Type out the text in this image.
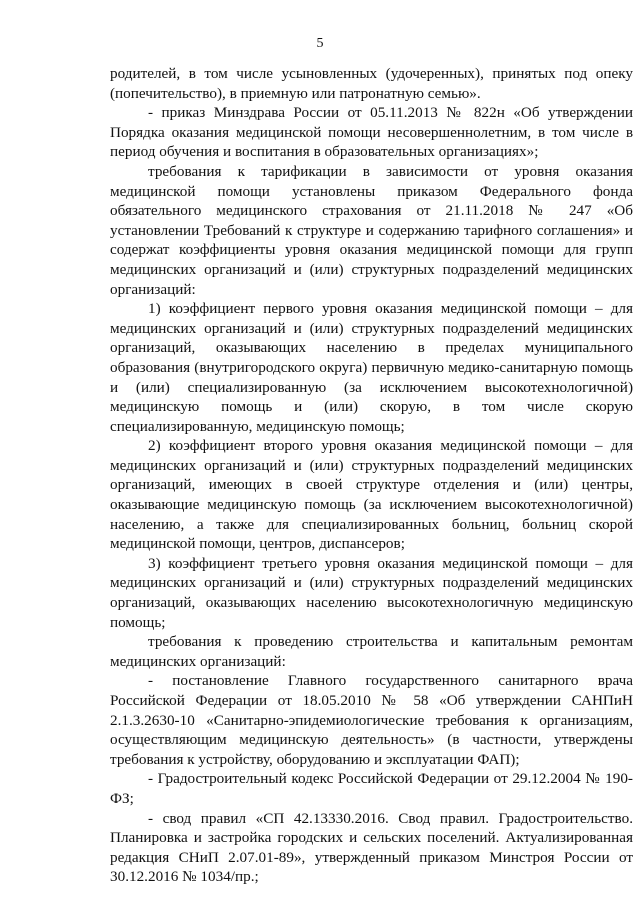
5

родителей, в том числе усыновленных (удочеренных), принятых под опеку (попечительство), в приемную или патронатную семью».

- приказ Минздрава России от 05.11.2013 № 822н «Об утверждении Порядка оказания медицинской помощи несовершеннолетним, в том числе в период обучения и воспитания в образовательных организациях»;

требования к тарификации в зависимости от уровня оказания медицинской помощи установлены приказом Федерального фонда обязательного медицинского страхования от 21.11.2018 № 247 «Об установлении Требований к структуре и содержанию тарифного соглашения» и содержат коэффициенты уровня оказания медицинской помощи для групп медицинских организаций и (или) структурных подразделений медицинских организаций:

1) коэффициент первого уровня оказания медицинской помощи – для медицинских организаций и (или) структурных подразделений медицинских организаций, оказывающих населению в пределах муниципального образования (внутригородского округа) первичную медико-санитарную помощь и (или) специализированную (за исключением высокотехнологичной) медицинскую помощь и (или) скорую, в том числе скорую специализированную, медицинскую помощь;

2) коэффициент второго уровня оказания медицинской помощи – для медицинских организаций и (или) структурных подразделений медицинских организаций, имеющих в своей структуре отделения и (или) центры, оказывающие медицинскую помощь (за исключением высокотехнологичной) населению, а также для специализированных больниц, больниц скорой медицинской помощи, центров, диспансеров;

3) коэффициент третьего уровня оказания медицинской помощи – для медицинских организаций и (или) структурных подразделений медицинских организаций, оказывающих населению высокотехнологичную медицинскую помощь;

требования к проведению строительства и капитальным ремонтам медицинских организаций:

- постановление Главного государственного санитарного врача Российской Федерации от 18.05.2010 № 58 «Об утверждении САНПиН 2.1.3.2630-10 «Санитарно-эпидемиологические требования к организациям, осуществляющим медицинскую деятельность» (в частности, утверждены требования к устройству, оборудованию и эксплуатации ФАП);

- Градостроительный кодекс Российской Федерации от 29.12.2004 № 190-ФЗ;

- свод правил «СП 42.13330.2016. Свод правил. Градостроительство. Планировка и застройка городских и сельских поселений. Актуализированная редакция СНиП 2.07.01-89», утвержденный приказом Минстроя России от 30.12.2016 № 1034/пр.;
